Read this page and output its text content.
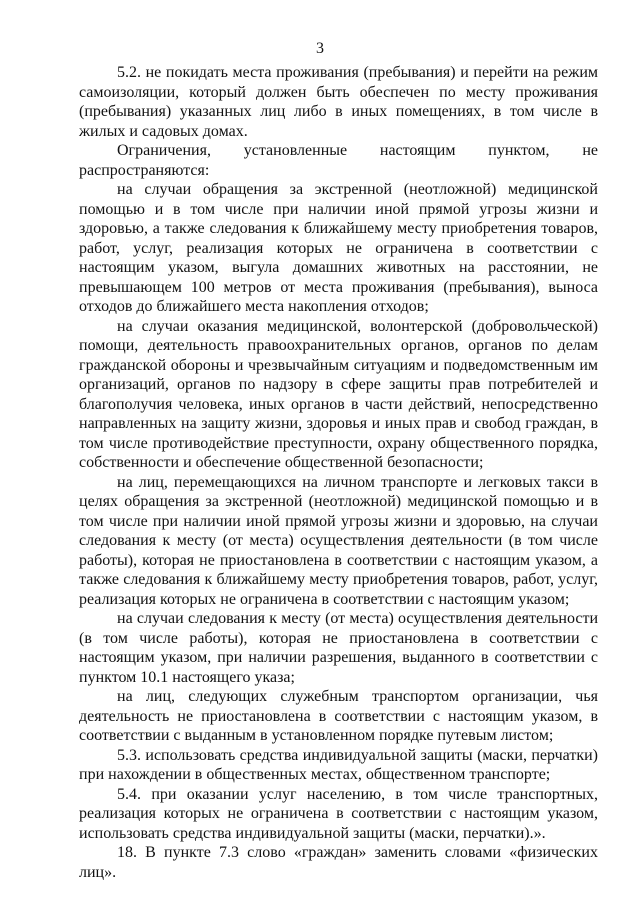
3

5.2. не покидать места проживания (пребывания) и перейти на режим самоизоляции, который должен быть обеспечен по месту проживания (пребывания) указанных лиц либо в иных помещениях, в том числе в жилых и садовых домах.

Ограничения, установленные настоящим пунктом, не распространяются:

на случаи обращения за экстренной (неотложной) медицинской помощью и в том числе при наличии иной прямой угрозы жизни и здоровью, а также следования к ближайшему месту приобретения товаров, работ, услуг, реализация которых не ограничена в соответствии с настоящим указом, выгула домашних животных на расстоянии, не превышающем 100 метров от места проживания (пребывания), выноса отходов до ближайшего места накопления отходов;

на случаи оказания медицинской, волонтерской (добровольческой) помощи, деятельность правоохранительных органов, органов по делам гражданской обороны и чрезвычайным ситуациям и подведомственным им организаций, органов по надзору в сфере защиты прав потребителей и благополучия человека, иных органов в части действий, непосредственно направленных на защиту жизни, здоровья и иных прав и свобод граждан, в том числе противодействие преступности, охрану общественного порядка, собственности и обеспечение общественной безопасности;

на лиц, перемещающихся на личном транспорте и легковых такси в целях обращения за экстренной (неотложной) медицинской помощью и в том числе при наличии иной прямой угрозы жизни и здоровью, на случаи следования к месту (от места) осуществления деятельности (в том числе работы), которая не приостановлена в соответствии с настоящим указом, а также следования к ближайшему месту приобретения товаров, работ, услуг, реализация которых не ограничена в соответствии с настоящим указом;

на случаи следования к месту (от места) осуществления деятельности (в том числе работы), которая не приостановлена в соответствии с настоящим указом, при наличии разрешения, выданного в соответствии с пунктом 10.1 настоящего указа;

на лиц, следующих служебным транспортом организации, чья деятельность не приостановлена в соответствии с настоящим указом, в соответствии с выданным в установленном порядке путевым листом;

5.3. использовать средства индивидуальной защиты (маски, перчатки) при нахождении в общественных местах, общественном транспорте;

5.4. при оказании услуг населению, в том числе транспортных, реализация которых не ограничена в соответствии с настоящим указом, использовать средства индивидуальной защиты (маски, перчатки).».

18. В пункте 7.3 слово «граждан» заменить словами «физических лиц».
